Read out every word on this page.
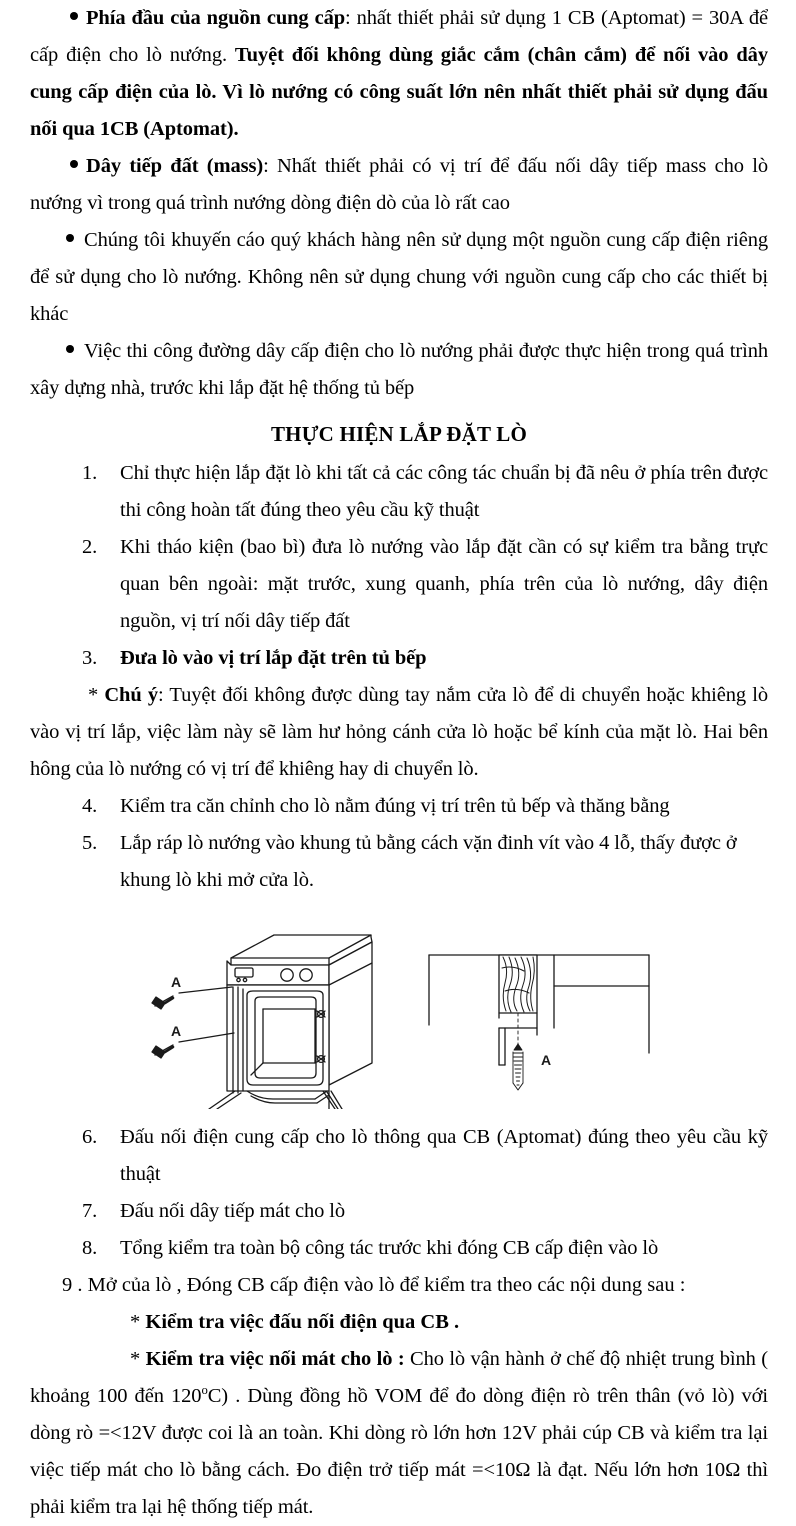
Phía đầu của nguồn cung cấp: nhất thiết phải sử dụng 1 CB (Aptomat) = 30A để cấp điện cho lò nướng. Tuyệt đối không dùng giắc cắm (chân cắm) để nối vào dây cung cấp điện của lò. Vì lò nướng có công suất lớn nên nhất thiết phải sử dụng đấu nối qua 1CB (Aptomat).

Dây tiếp đất (mass): Nhất thiết phải có vị trí để đấu nối dây tiếp mass cho lò nướng vì trong quá trình nướng dòng điện dò của lò rất cao

Chúng tôi khuyến cáo quý khách hàng nên sử dụng một nguồn cung cấp điện riêng để sử dụng cho lò nướng. Không nên sử dụng chung với nguồn cung cấp cho các thiết bị khác

Việc thi công đường dây cấp điện cho lò nướng phải được thực hiện trong quá trình xây dựng nhà, trước khi lắp đặt hệ thống tủ bếp

THỰC HIỆN LẮP ĐẶT LÒ
1.	Chỉ thực hiện lắp đặt lò khi tất cả các công tác chuẩn bị đã nêu ở phía trên được thi công hoàn tất đúng theo yêu cầu kỹ thuật
2.	Khi tháo kiện (bao bì) đưa lò nướng vào lắp đặt cần có sự kiểm tra bằng trực quan bên ngoài: mặt trước, xung quanh, phía trên của lò nướng, dây điện nguồn, vị trí nối dây tiếp đất
3.	Đưa lò vào vị trí lắp đặt trên tủ bếp

* Chú ý: Tuyệt đối không được dùng tay nắm cửa lò để di chuyển hoặc khiêng lò vào vị trí lắp, việc làm này sẽ làm hư hỏng cánh cửa lò hoặc bể kính của mặt lò. Hai bên hông của lò nướng có vị trí để khiêng hay di chuyển lò.

4.	Kiểm tra căn chỉnh cho lò nằm đúng vị trí trên tủ bếp và thăng bằng
5.	Lắp ráp lò nướng vào khung tủ bằng cách vặn đinh vít vào 4 lỗ, thấy được ở khung lò khi mở cửa lò.
A
A
A
6.	Đấu nối điện cung cấp cho lò thông qua CB (Aptomat) đúng theo yêu cầu kỹ thuật
7.	Đấu nối dây tiếp mát cho lò
8.	Tổng kiểm tra toàn bộ công tác trước khi đóng CB cấp điện vào lò

9 . Mở của lò , Đóng CB cấp điện vào lò để kiểm tra theo các nội dung sau :

* Kiểm tra việc đấu nối điện qua CB .

* Kiểm tra việc nối mát cho lò : Cho lò vận hành ở chế độ nhiệt trung bình ( khoảng 100 đến 120$^o$C) . Dùng đồng hồ VOM để đo dòng điện rò trên thân (vỏ lò) với dòng rò =<12V được coi là an toàn. Khi dòng rò lớn hơn 12V phải cúp CB và kiểm tra lại việc tiếp mát cho lò bằng cách. Đo điện trở tiếp mát =<10Ω là đạt. Nếu lớn hơn 10Ω thì phải kiểm tra lại hệ thống tiếp mát.
